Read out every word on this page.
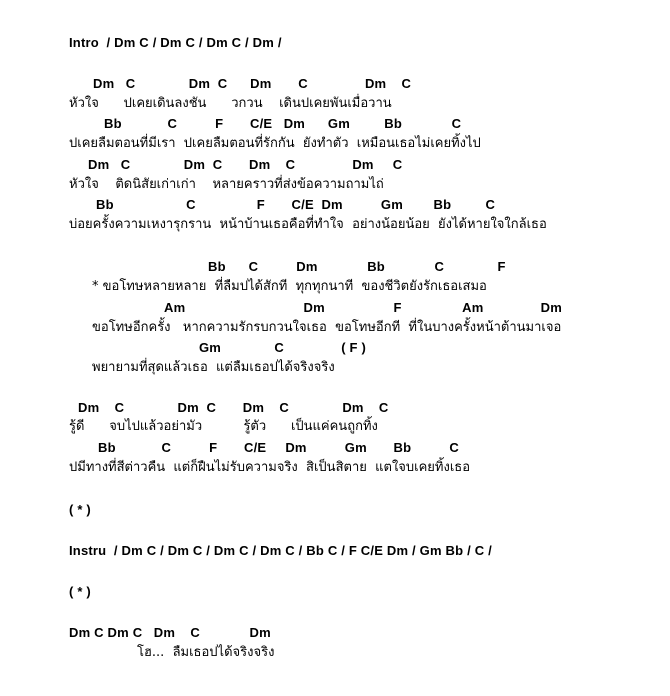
Intro  / Dm C / Dm C / Dm C / Dm /
Dm   C              Dm  C      Dm       C               Dm    C
หัวใจ      ปเคยเดินลงชัน      วกวน    เดินปเคยพันเมื่อวาน
Bb            C          F       C/E   Dm      Gm         Bb             C
ปเคยลืมตอนที่มีเรา  ปเคยลืมตอนที่รักกัน  ยังทำตัว  เหมือนเธอไม่เคยทิ้งไป
Dm   C              Dm  C       Dm    C               Dm     C
หัวใจ    ติดนิสัยเก่าเก่า    หลายคราวที่ส่งข้อความถามไถ่
Bb                   C                F       C/E  Dm          Gm        Bb         C
บ่อยครั้งความเหงารุกราน  หน้าบ้านเธอคือที่ทำใจ  อย่างน้อยน้อย  ยังได้หายใจใกล้เธอ
Bb      C          Dm             Bb             C              F
* ขอโทษหลายหลาย  ที่ลืมปได้สักที  ทุกทุกนาที  ของชีวิตยังรักเธอเสมอ
Am                               Dm                  F                Am               Dm
ขอโทษอีกครั้ง   หากความรักรบกวนใจเธอ  ขอโทษอีกที  ที่ในบางครั้งหน้าต้านมาเจอ
Gm              C               ( F )
พยายามที่สุดแล้วเธอ  แต่ลืมเธอปได้จริงจริง
Dm    C              Dm  C       Dm    C              Dm    C
รู้ดี      จบไปแล้วอย่ามัว          รู้ตัว      เป็นแค่คนถูกทิ้ง
Bb            C          F       C/E     Dm          Gm       Bb          C
ปมีทางที่สีต่าวคืน  แต่ก็ฝืนไม่รับความจริง  สิเป็นสิตาย  แตใจบเคยทิ้งเธอ
( * )
Instru  / Dm C / Dm C / Dm C / Dm C / Bb C / F C/E Dm / Gm Bb / C /
( * )
Dm C Dm C   Dm    C             Dm
โฮ...  ลืมเธอปได้จริงจริง
